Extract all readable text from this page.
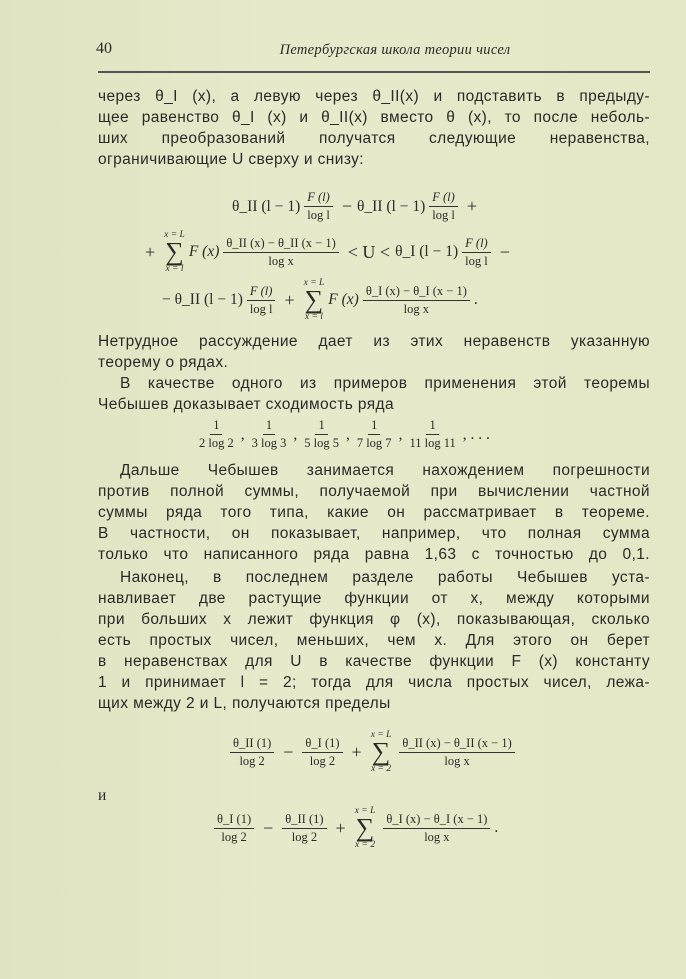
40	Петербургская школа теории чисел
через θ_I (x), а левую через θ_II(x) и подставить в предыду-
щее равенство θ_I (x) и θ_II(x) вместо θ (x), то после неболь-
ших преобразований получатся следующие неравенства,
ограничивающие U сверху и снизу:
θ_II $(l - 1) \frac{F (l)}{\text{log l}}$ − θ_II $(l - 1) \frac{F (l)}{\text{log l}}$ +
+
x = L
∑
x = l
F $(x) \frac{\theta\_II (x) - \theta\_II (x - 1)}{\text{log x}} < U$ < θ_I $(l - 1) \frac{F (l)}{\text{log l}}$ −
− θ_II $(l - 1) \frac{F (l)}{\text{log l}}$ +
x = L
∑
x = l
F $(x) \frac{\theta\_I (x) - \theta\_I (x - 1)}{\text{log x}}$ .
Нетрудное рассуждение дает из этих неравенств указанную
теорему о рядах.
В качестве одного из примеров применения этой теоремы
Чебышев доказывает сходимость ряда
$\frac{1}{2 \log 2}$ , $\frac{1}{3 \log 3}$ , $\frac{1}{5 \log 5}$ , $\frac{1}{7 \log 7}$ , $\frac{1}{11 \log 11}$ , . . .
Дальше Чебышев занимается нахождением погрешности
против полной суммы, получаемой при вычислении частной
суммы ряда того типа, какие он рассматривает в теореме.
В частности, он показывает, например, что полная сумма
только что написанного ряда равна 1,63 с точностью до 0,1.
Наконец, в последнем разделе работы Чебышев уста-
навливает две растущие функции от x, между которыми
при больших x лежит функция φ (x), показывающая, сколько
есть простых чисел, меньших, чем x. Для этого он берет
в неравенствах для U в качестве функции F (x) константу
1 и принимает l = 2; тогда для числа простых чисел, лежа-
щих между 2 и L, получаются пределы
$\frac{\theta\_II (1)}{\log 2} - \frac{\theta\_I (1)}{\log 2}$ +
x = L
∑
x = 2
$\frac{\theta\_II (x) - \theta\_II (x - 1)}{\text{log x}}$
и
$\frac{\theta\_I (1)}{\log 2} - \frac{\theta\_II (1)}{\log 2}$ +
x = L
∑
x = 2
$\frac{\theta\_I (x) - \theta\_I (x - 1)}{\text{log x}}$ .
